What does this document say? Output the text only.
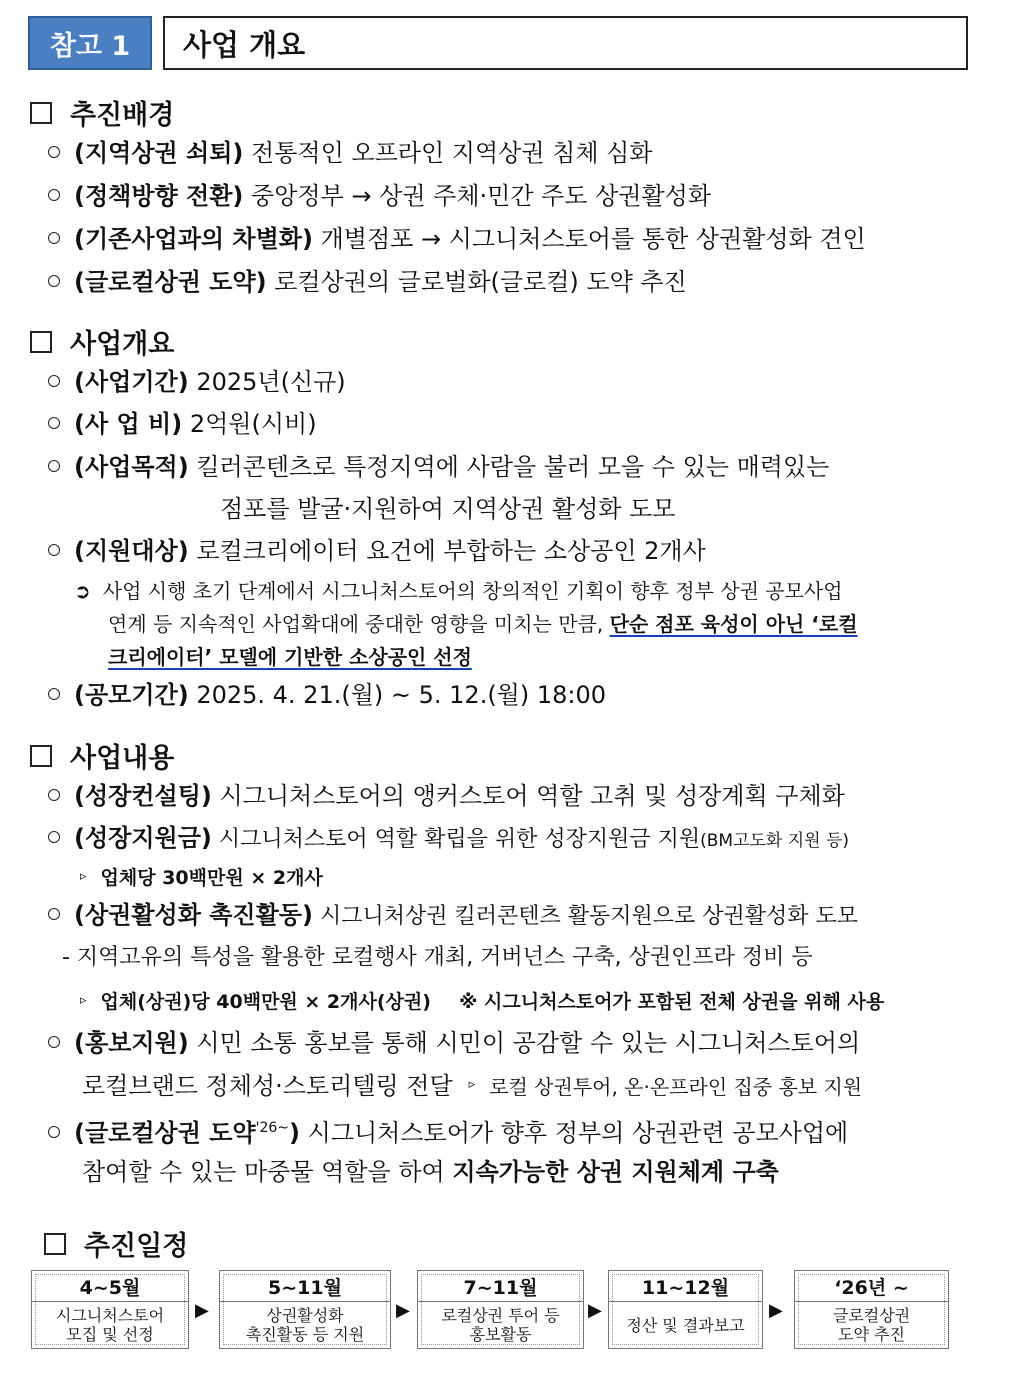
참고 1	사업 개요
추진배경
(지역상권 쇠퇴) 전통적인 오프라인 지역상권 침체 심화
(정책방향 전환) 중앙정부 → 상권 주체·민간 주도 상권활성화
(기존사업과의 차별화) 개별점포 → 시그니처스토어를 통한 상권활성화 견인
(글로컬상권 도약) 로컬상권의 글로벌화(글로컬) 도약 추진
사업개요
(사업기간) 2025년(신규)
(사 업 비) 2억원(시비)
(사업목적) 킬러콘텐츠로 특정지역에 사람을 불러 모을 수 있는 매력있는
점포를 발굴·지원하여 지역상권 활성화 도모
(지원대상) 로컬크리에이터 요건에 부합하는 소상공인 2개사
➲ 사업 시행 초기 단계에서 시그니처스토어의 창의적인 기획이 향후 정부 상권 공모사업
연계 등 지속적인 사업확대에 중대한 영향을 미치는 만큼, 단순 점포 육성이 아닌 ‘로컬
크리에이터’ 모델에 기반한 소상공인 선정
(공모기간) 2025. 4. 21.(월) ~ 5. 12.(월) 18:00
사업내용
(성장컨설팅) 시그니처스토어의 앵커스토어 역할 고취 및 성장계획 구체화
(성장지원금) 시그니처스토어 역할 확립을 위한 성장지원금 지원(BM고도화 지원 등)
▹ 업체당 30백만원 × 2개사
(상권활성화 촉진활동) 시그니처상권 킬러콘텐츠 활동지원으로 상권활성화 도모
- 지역고유의 특성을 활용한 로컬행사 개최, 거버넌스 구축, 상권인프라 정비 등
▹ 업체(상권)당 40백만원 × 2개사(상권) ※ 시그니처스토어가 포함된 전체 상권을 위해 사용
(홍보지원) 시민 소통 홍보를 통해 시민이 공감할 수 있는 시그니처스토어의
로컬브랜드 정체성·스토리텔링 전달 ▹ 로컬 상권투어, 온·온프라인 집중 홍보 지원
(글로컬상권 도약$^{'26\sim}$) 시그니처스토어가 향후 정부의 상권관련 공모사업에
참여할 수 있는 마중물 역할을 하여 지속가능한 상권 지원체계 구축
추진일정
4~5월
시그니처스토어
모집 및 선정
▶
5~11월
상권활성화
촉진활동 등 지원
▶
7~11월
로컬상권 투어 등
홍보활동
▶
11~12월
정산 및 결과보고
▶
‘26년 ~
글로컬상권
도약 추진
